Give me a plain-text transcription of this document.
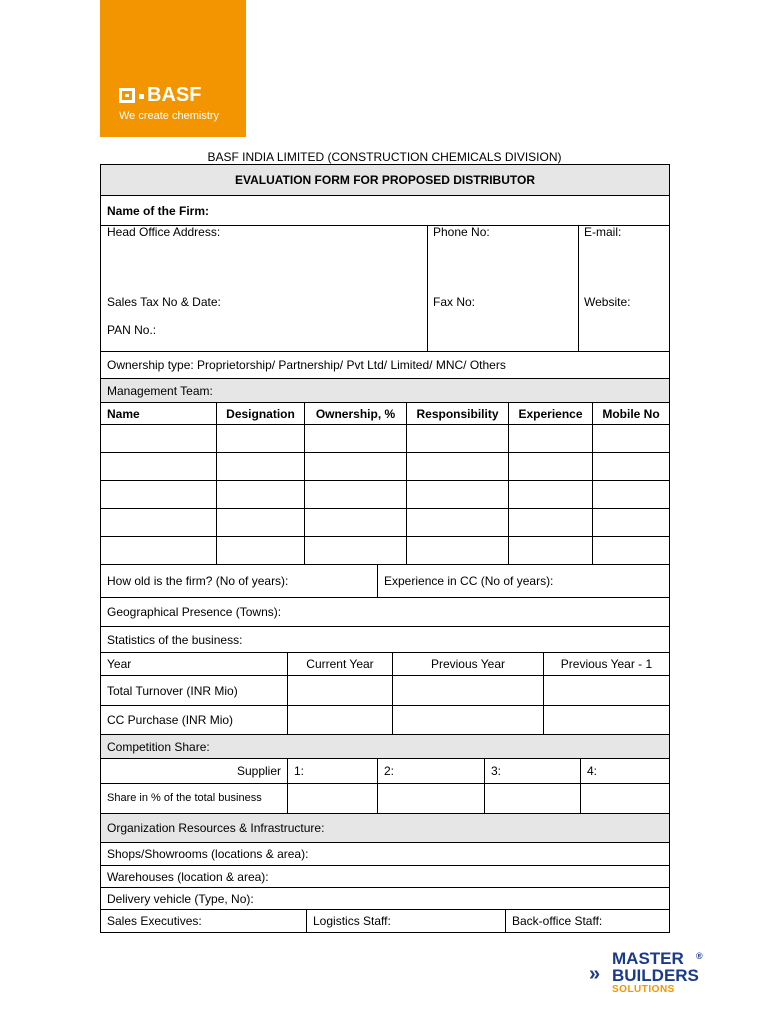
BASF
We create chemistry
BASF INDIA LIMITED (CONSTRUCTION CHEMICALS DIVISION)
EVALUATION FORM FOR PROPOSED DISTRIBUTOR
Name of the Firm:
Head Office Address:	Phone No:	E-mail:
Sales Tax No & Date:	Fax No:	Website:
PAN No.:
Ownership type: Proprietorship/ Partnership/ Pvt Ltd/ Limited/ MNC/ Others
Management Team:
Name	Designation	Ownership, %	Responsibility	Experience	Mobile No
How old is the firm? (No of years):	Experience in CC (No of years):
Geographical Presence (Towns):
Statistics of the business:
Year	Current Year	Previous Year	Previous Year - 1
Total Turnover (INR Mio)
CC Purchase (INR Mio)
Competition Share:
Supplier	1:	2:	3:	4:
Share in % of the total business
Organization Resources & Infrastructure:
Shops/Showrooms (locations & area):
Warehouses (location & area):
Delivery vehicle (Type, No):
Sales Executives:	Logistics Staff:	Back-office Staff:
MASTER ®
» BUILDERS
SOLUTIONS
